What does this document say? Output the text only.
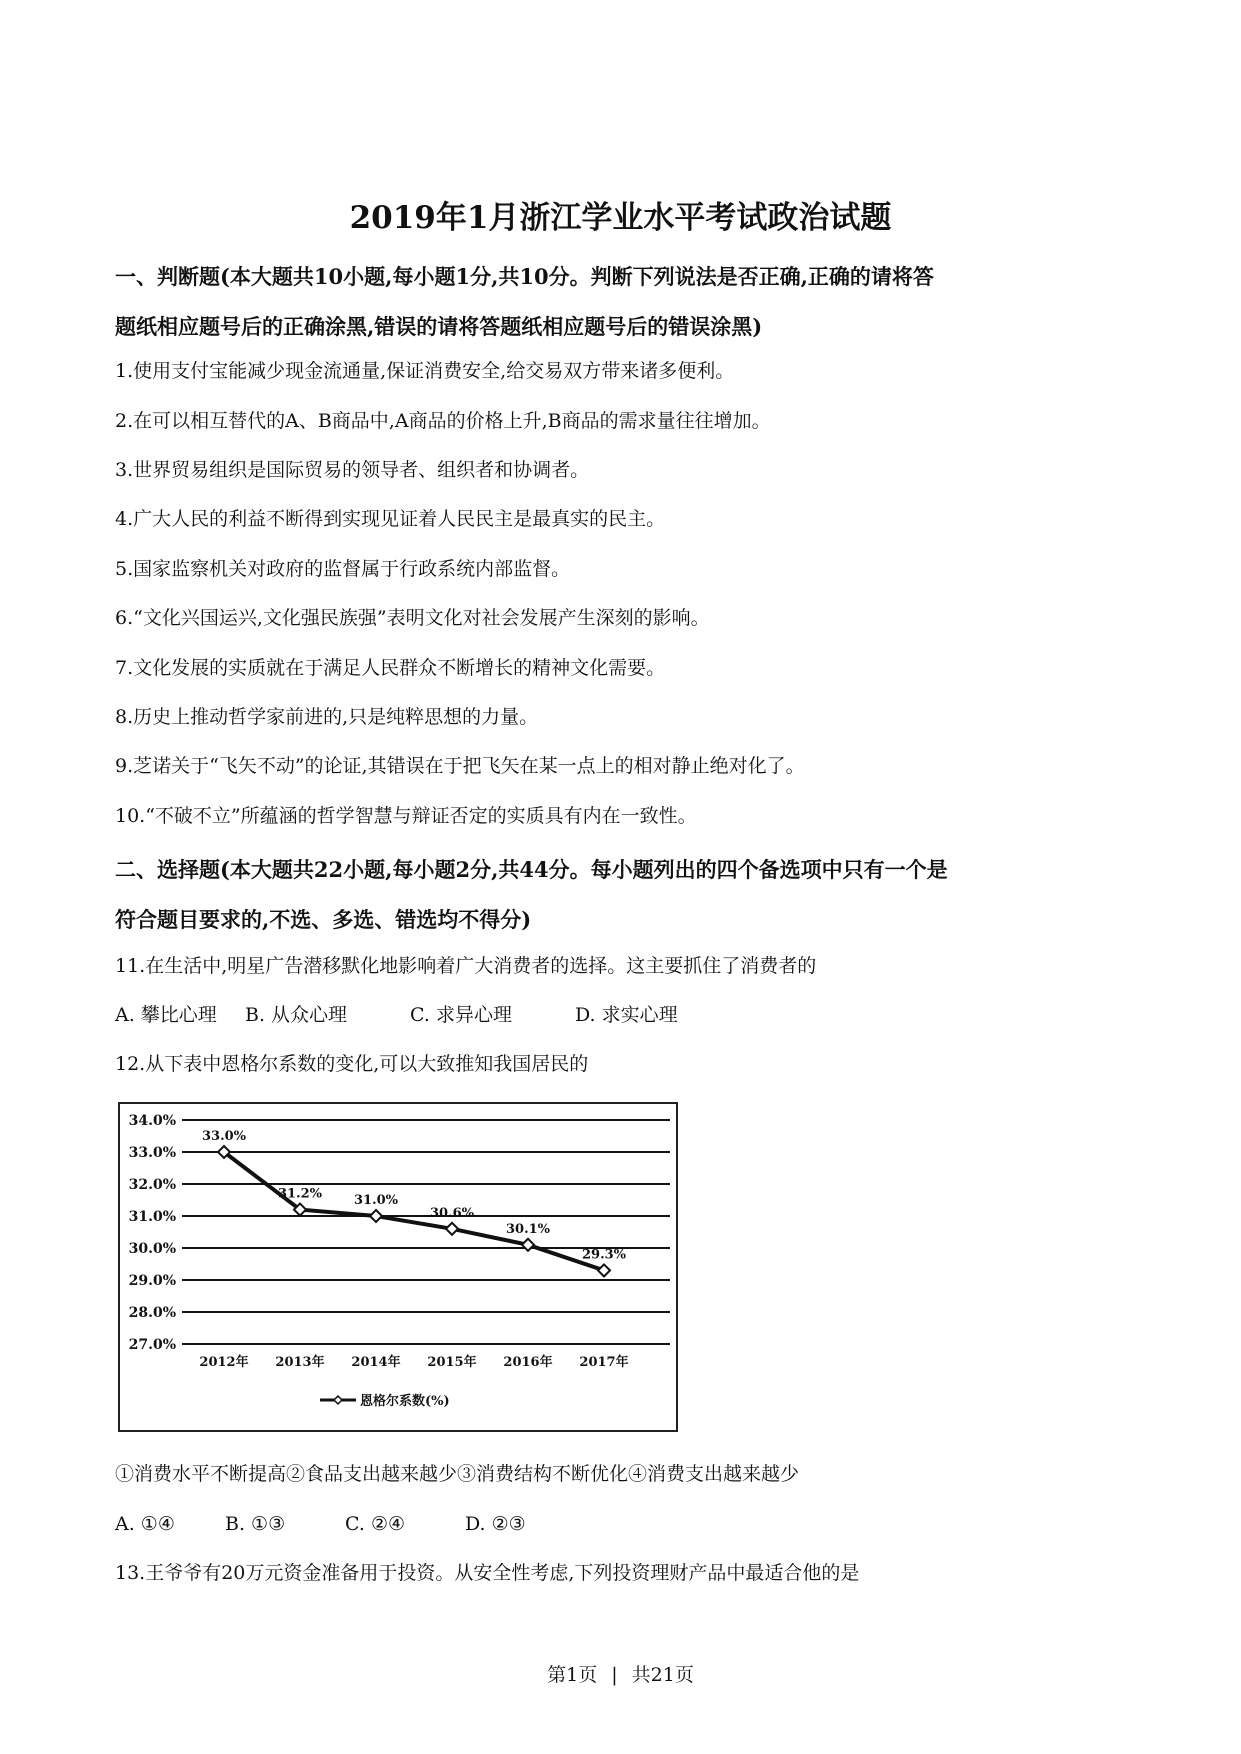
2019年1月浙江学业水平考试政治试题
一、判断题(本大题共10小题,每小题1分,共10分。判断下列说法是否正确,正确的请将答
题纸相应题号后的正确涂黑,错误的请将答题纸相应题号后的错误涂黑)
1.使用支付宝能减少现金流通量,保证消费安全,给交易双方带来诸多便利。
2.在可以相互替代的A、B商品中,A商品的价格上升,B商品的需求量往往增加。
3.世界贸易组织是国际贸易的领导者、组织者和协调者。
4.广大人民的利益不断得到实现见证着人民民主是最真实的民主。
5.国家监察机关对政府的监督属于行政系统内部监督。
6.“文化兴国运兴,文化强民族强”表明文化对社会发展产生深刻的影响。
7.文化发展的实质就在于满足人民群众不断增长的精神文化需要。
8.历史上推动哲学家前进的,只是纯粹思想的力量。
9.芝诺关于“飞矢不动”的论证,其错误在于把飞矢在某一点上的相对静止绝对化了。
10.“不破不立”所蕴涵的哲学智慧与辩证否定的实质具有内在一致性。
二、选择题(本大题共22小题,每小题2分,共44分。每小题列出的四个备选项中只有一个是
符合题目要求的,不选、多选、错选均不得分)
11.在生活中,明星广告潜移默化地影响着广大消费者的选择。这主要抓住了消费者的
A. 攀比心理 B. 从众心理	C. 求异心理	D. 求实心理
12.从下表中恩格尔系数的变化,可以大致推知我国居民的
27.0%
28.0%
29.0%
30.0%
31.0%
32.0%
33.0%
34.0%
2012年 2013年 2014年 2015年 2016年 2017年
33.0%
31.2% 31.0%
30.6%
30.1%
29.3%
恩格尔系数(%)
①消费水平不断提高②食品支出越来越少③消费结构不断优化④消费支出越来越少
A. ①④	B. ①③	C. ②④	D. ②③
13.王爷爷有20万元资金准备用于投资。从安全性考虑,下列投资理财产品中最适合他的是
第1页 | 共21页
